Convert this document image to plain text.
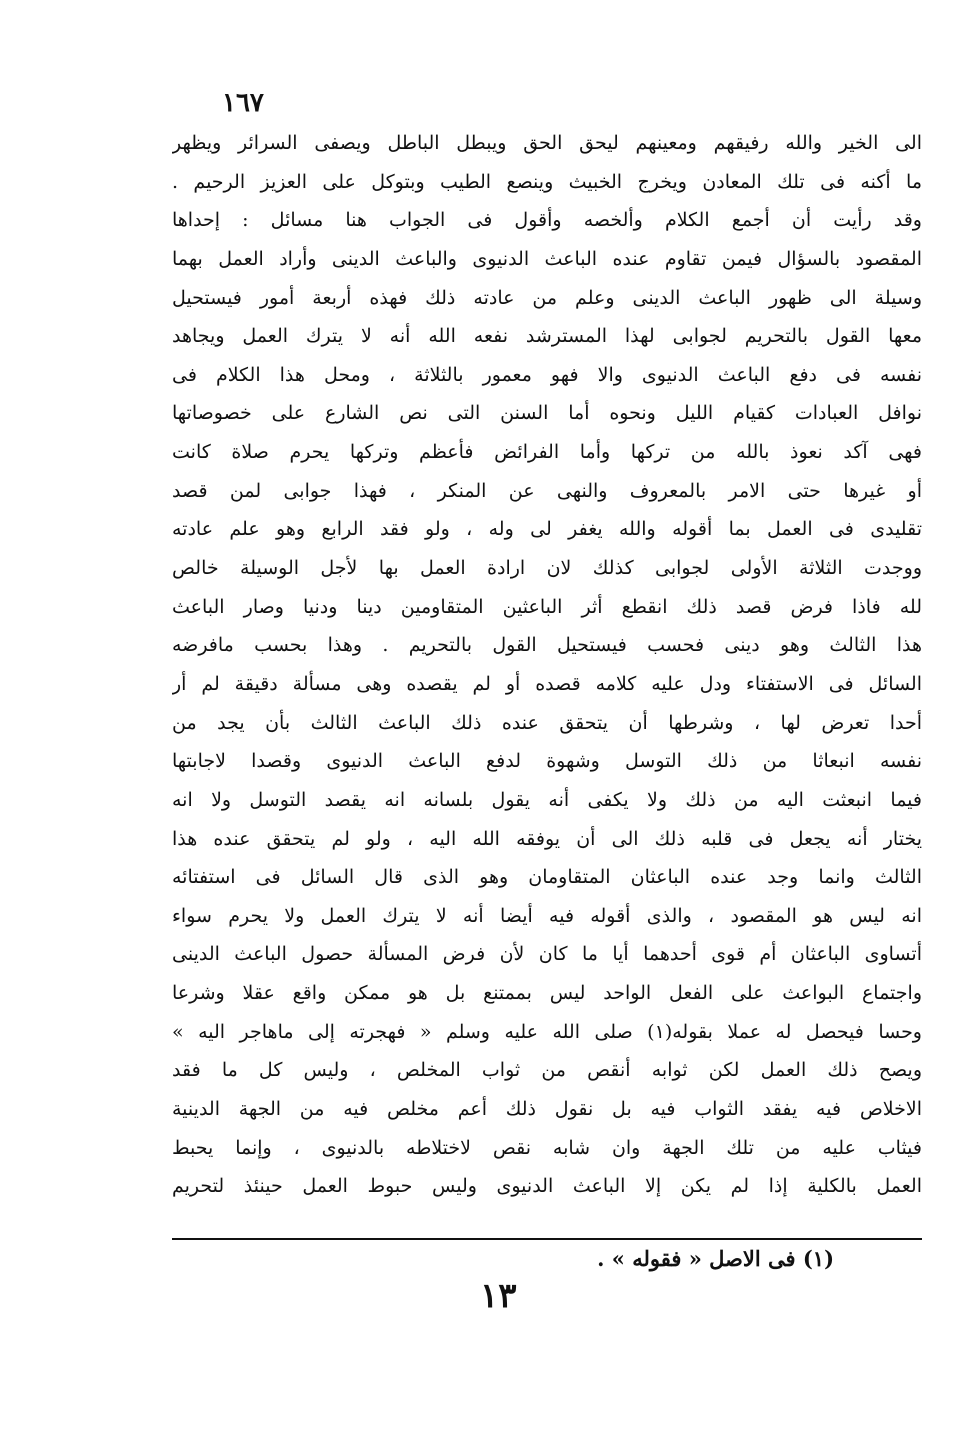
١٦٧
الى الخير والله رفيقهم ومعينهم ليحق الحق ويبطل الباطل ويصفى السرائر ويظهر
ما أكنه فى تلك المعادن ويخرج الخبيث وينصع الطيب وبتوكل على العزيز الرحيم .
وقد رأيت أن أجمع الكلام وألخصه وأقول فى الجواب هنا مسائل : إحداها
المقصود بالسؤال فيمن تقاوم عنده الباعث الدنيوى والباعث الدينى وأراد العمل بهما
وسيلة الى ظهور الباعث الدينى وعلم من عادته ذلك فهذه أربعة أمور فيستحيل
معها القول بالتحريم لجوابى لهذا المسترشد نفعه الله أنه لا يترك العمل ويجاهد
نفسه فى دفع الباعث الدنيوى والا فهو معمور بالثلاثة ، ومحل هذا الكلام فى
نوافل العبادات كقيام الليل ونحوه أما السنن التى نص الشارع على خصوصاتها
فهى آكد نعوذ بالله من تركها وأما الفرائض فأعظم وتركها يحرم صلاة كانت
أو غيرها حتى الامر بالمعروف والنهى عن المنكر ، فهذا جوابى لمن قصد
تقليدى فى العمل بما أقوله والله يغفر لى وله ، ولو فقد الرابع وهو علم عادته
ووجدت الثلاثة الأولى لجوابى كذلك لان ارادة العمل بها لأجل الوسيلة خالص
لله فاذا فرض قصد ذلك انقطع أثر الباعثين المتقاومين دينا ودنيا وصار الباعث
هذا الثالث وهو دينى فحسب فيستحيل القول بالتحريم . وهذا بحسب مافرضه
السائل فى الاستفتاء ودل عليه كلامه قصده أو لم يقصده وهى مسألة دقيقة لم أر
أحدا تعرض لها ، وشرطها أن يتحقق عنده ذلك الباعث الثالث بأن يجد من
نفسه انبعاثا من ذلك التوسل وشهوة لدفع الباعث الدنيوى وقصدا لاجابتها
فيما انبعثت اليه من ذلك ولا يكفى أنه يقول بلسانه انه يقصد التوسل ولا انه
يختار أنه يجعل فى قلبه ذلك الى أن يوفقه الله اليه ، ولو لم يتحقق عنده هذا
الثالث وانما وجد عنده الباعثان المتقاومان وهو الذى قال السائل فى استفتائه
انه ليس هو المقصود ، والذى أقوله فيه أيضا أنه لا يترك العمل ولا يحرم سواء
أتساوى الباعثان أم قوى أحدهما أيا ما كان لأن فرض المسألة حصول الباعث الدينى
واجتماع البواعث على الفعل الواحد ليس بممتنع بل هو ممكن واقع عقلا وشرعا
وحسا فيحصل له عملا بقوله(١) صلى الله عليه وسلم « فهجرته إلى ماهاجر اليه »
ويصح ذلك العمل لكن ثوابه أنقص من ثواب المخلص ، وليس كل ما فقد
الاخلاص فيه يفقد الثواب فيه بل نقول ذلك أعم مخلص فيه من الجهة الدينية
فيثاب عليه من تلك الجهة وان شابه نقص لاختلاطه بالدنيوى ، وإنما يحبط
العمل بالكلية إذا لم يكن إلا الباعث الدنيوى وليس حبوط العمل حينئذ لتحريم
(١) فى الاصل « فقوله » .
١٣
